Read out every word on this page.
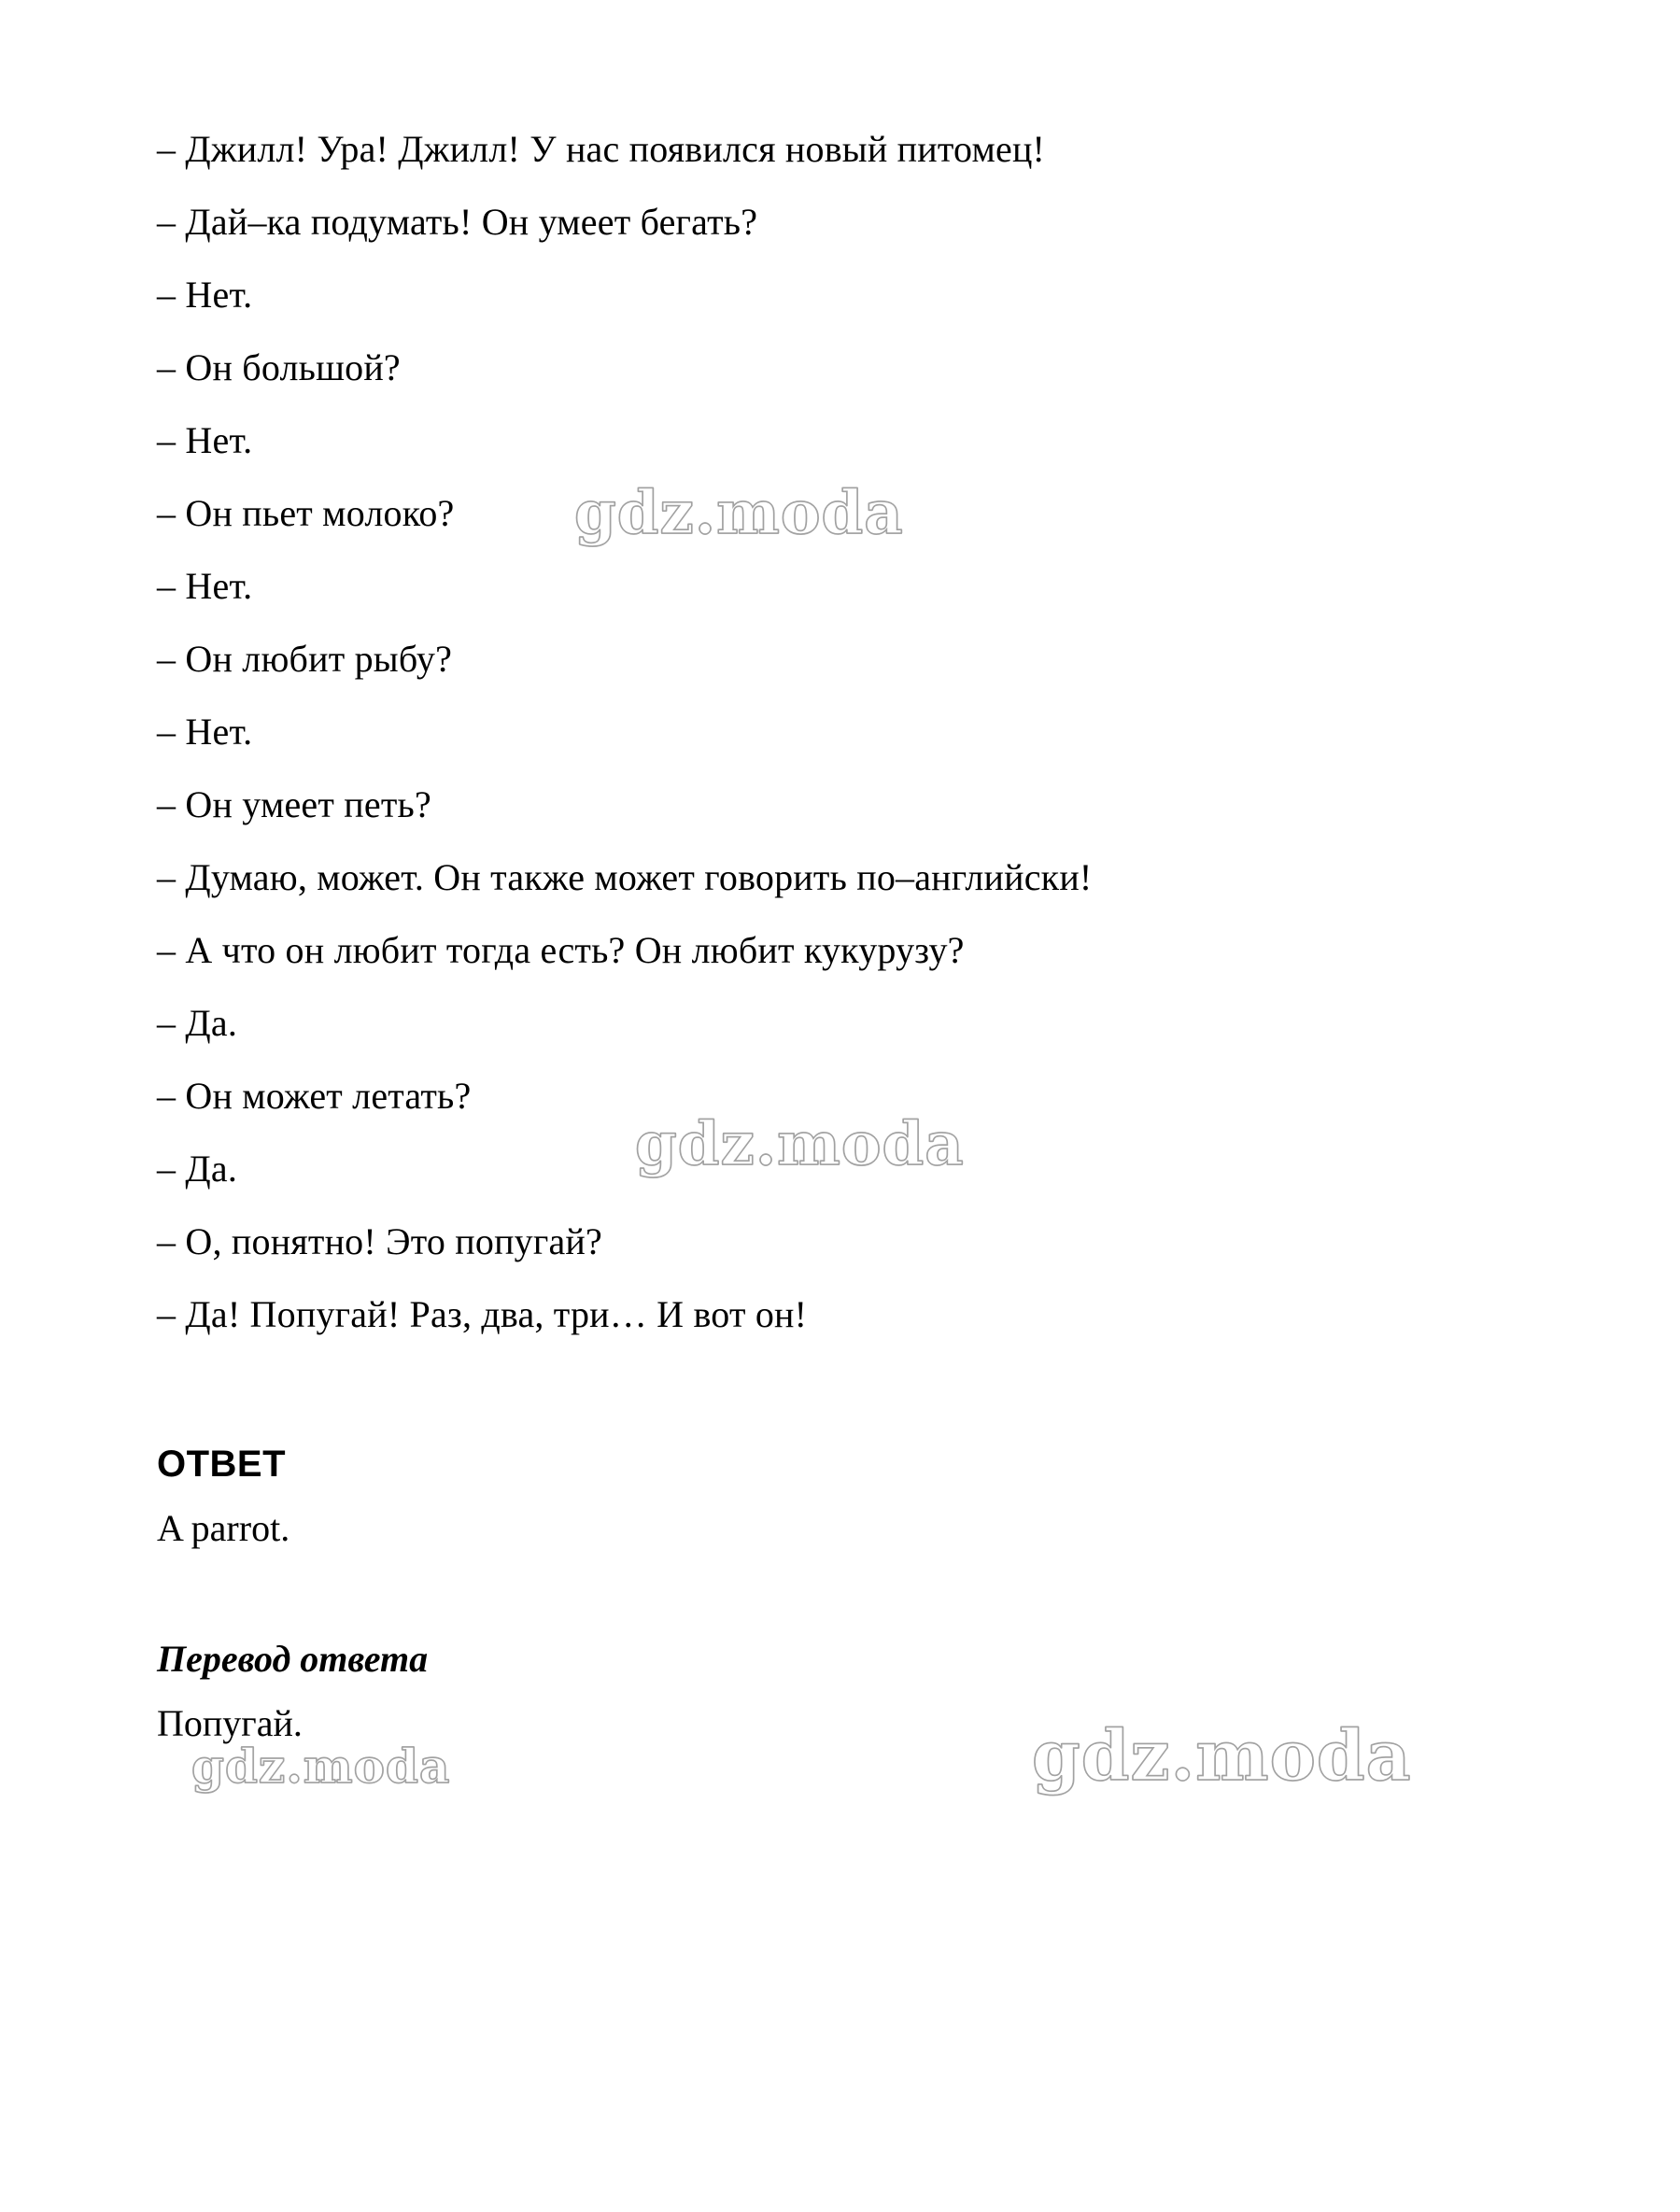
– Джилл! Ура! Джилл! У нас появился новый питомец!

– Дай–ка подумать! Он умеет бегать?

– Нет.

– Он большой?

– Нет.

– Он пьет молоко?

– Нет.

– Он любит рыбу?

– Нет.

– Он умеет петь?

– Думаю, может. Он также может говорить по–английски!

– А что он любит тогда есть? Он любит кукурузу?

– Да.

– Он может летать?

– Да.

– О, понятно! Это попугай?

– Да! Попугай! Раз, два, три… И вот он!

ОТВЕТ

A parrot.

Перевод ответа

Попугай.

gdz.moda
gdz.moda
gdz.moda	gdz.moda
